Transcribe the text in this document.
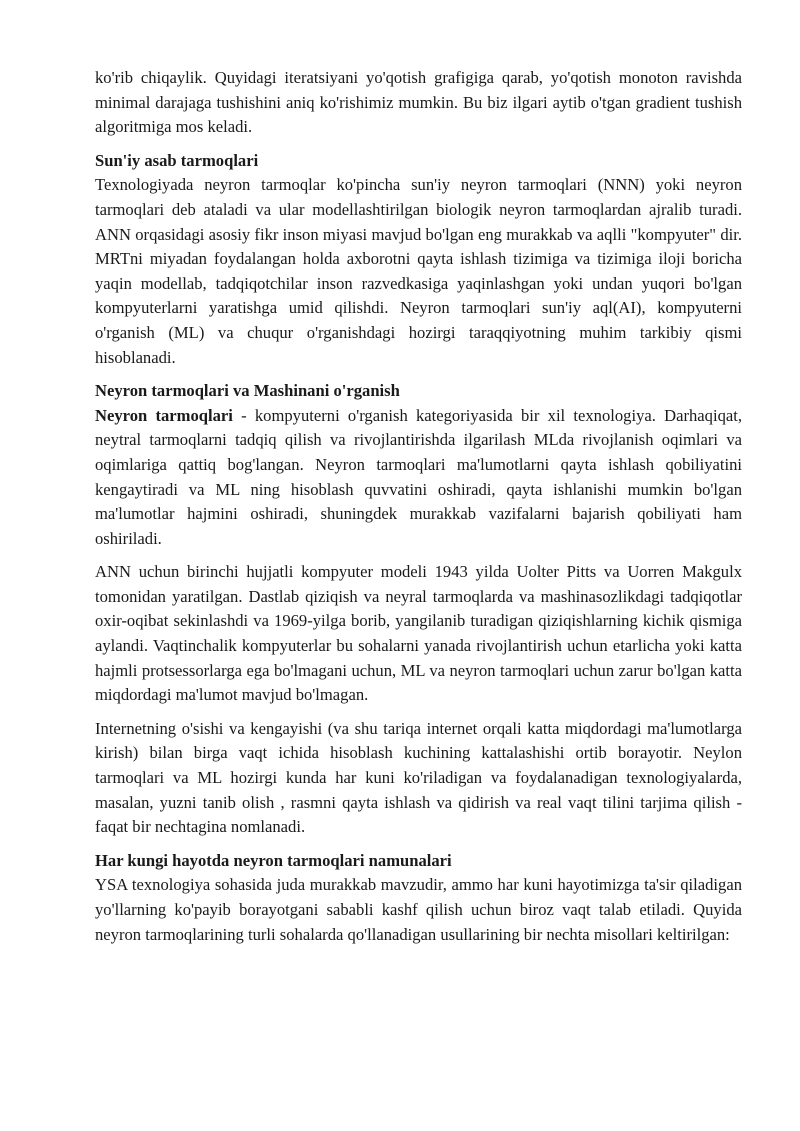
ko'rib chiqaylik. Quyidagi iteratsiyani yo'qotish grafigiga qarab, yo'qotish monoton ravishda minimal darajaga tushishini aniq ko'rishimiz mumkin. Bu biz ilgari aytib o'tgan gradient tushish algoritmiga mos keladi.

Sun'iy asab tarmoqlari

Texnologiyada neyron tarmoqlar ko'pincha sun'iy neyron tarmoqlari (NNN) yoki neyron tarmoqlari deb ataladi va ular modellashtirilgan biologik neyron tarmoqlardan ajralib turadi. ANN orqasidagi asosiy fikr inson miyasi mavjud bo'lgan eng murakkab va aqlli "kompyuter" dir. MRTni miyadan foydalangan holda axborotni qayta ishlash tizimiga va tizimiga iloji boricha yaqin modellab, tadqiqotchilar inson razvedkasiga yaqinlashgan yoki undan yuqori bo'lgan kompyuterlarni yaratishga umid qilishdi. Neyron tarmoqlari sun'iy aql(AI), kompyuterni o'rganish (ML) va chuqur o'rganishdagi hozirgi taraqqiyotning muhim tarkibiy qismi hisoblanadi.

Neyron tarmoqlari va Mashinani o'rganish

Neyron tarmoqlari - kompyuterni o'rganish kategoriyasida bir xil texnologiya. Darhaqiqat, neytral tarmoqlarni tadqiq qilish va rivojlantirishda ilgarilash MLda rivojlanish oqimlari va oqimlariga qattiq bog'langan. Neyron tarmoqlari ma'lumotlarni qayta ishlash qobiliyatini kengaytiradi va ML ning hisoblash quvvatini oshiradi, qayta ishlanishi mumkin bo'lgan ma'lumotlar hajmini oshiradi, shuningdek murakkab vazifalarni bajarish qobiliyati ham oshiriladi.

ANN uchun birinchi hujjatli kompyuter modeli 1943 yilda Uolter Pitts va Uorren Makgulx tomonidan yaratilgan. Dastlab qiziqish va neyral tarmoqlarda va mashinasozlikdagi tadqiqotlar oxir-oqibat sekinlashdi va 1969-yilga borib, yangilanib turadigan qiziqishlarning kichik qismiga aylandi. Vaqtinchalik kompyuterlar bu sohalarni yanada rivojlantirish uchun etarlicha yoki katta hajmli protsessorlarga ega bo'lmagani uchun, ML va neyron tarmoqlari uchun zarur bo'lgan katta miqdordagi ma'lumot mavjud bo'lmagan.

Internetning o'sishi va kengayishi (va shu tariqa internet orqali katta miqdordagi ma'lumotlarga kirish) bilan birga vaqt ichida hisoblash kuchining kattalashishi ortib borayotir. Neylon tarmoqlari va ML hozirgi kunda har kuni ko'riladigan va foydalanadigan texnologiyalarda, masalan, yuzni tanib olish , rasmni qayta ishlash va qidirish va real vaqt tilini tarjima qilish - faqat bir nechtagina nomlanadi.

Har kungi hayotda neyron tarmoqlari namunalari

YSA texnologiya sohasida juda murakkab mavzudir, ammo har kuni hayotimizga ta'sir qiladigan yo'llarning ko'payib borayotgani sababli kashf qilish uchun biroz vaqt talab etiladi. Quyida neyron tarmoqlarining turli sohalarda qo'llanadigan usullarining bir nechta misollari keltirilgan:
